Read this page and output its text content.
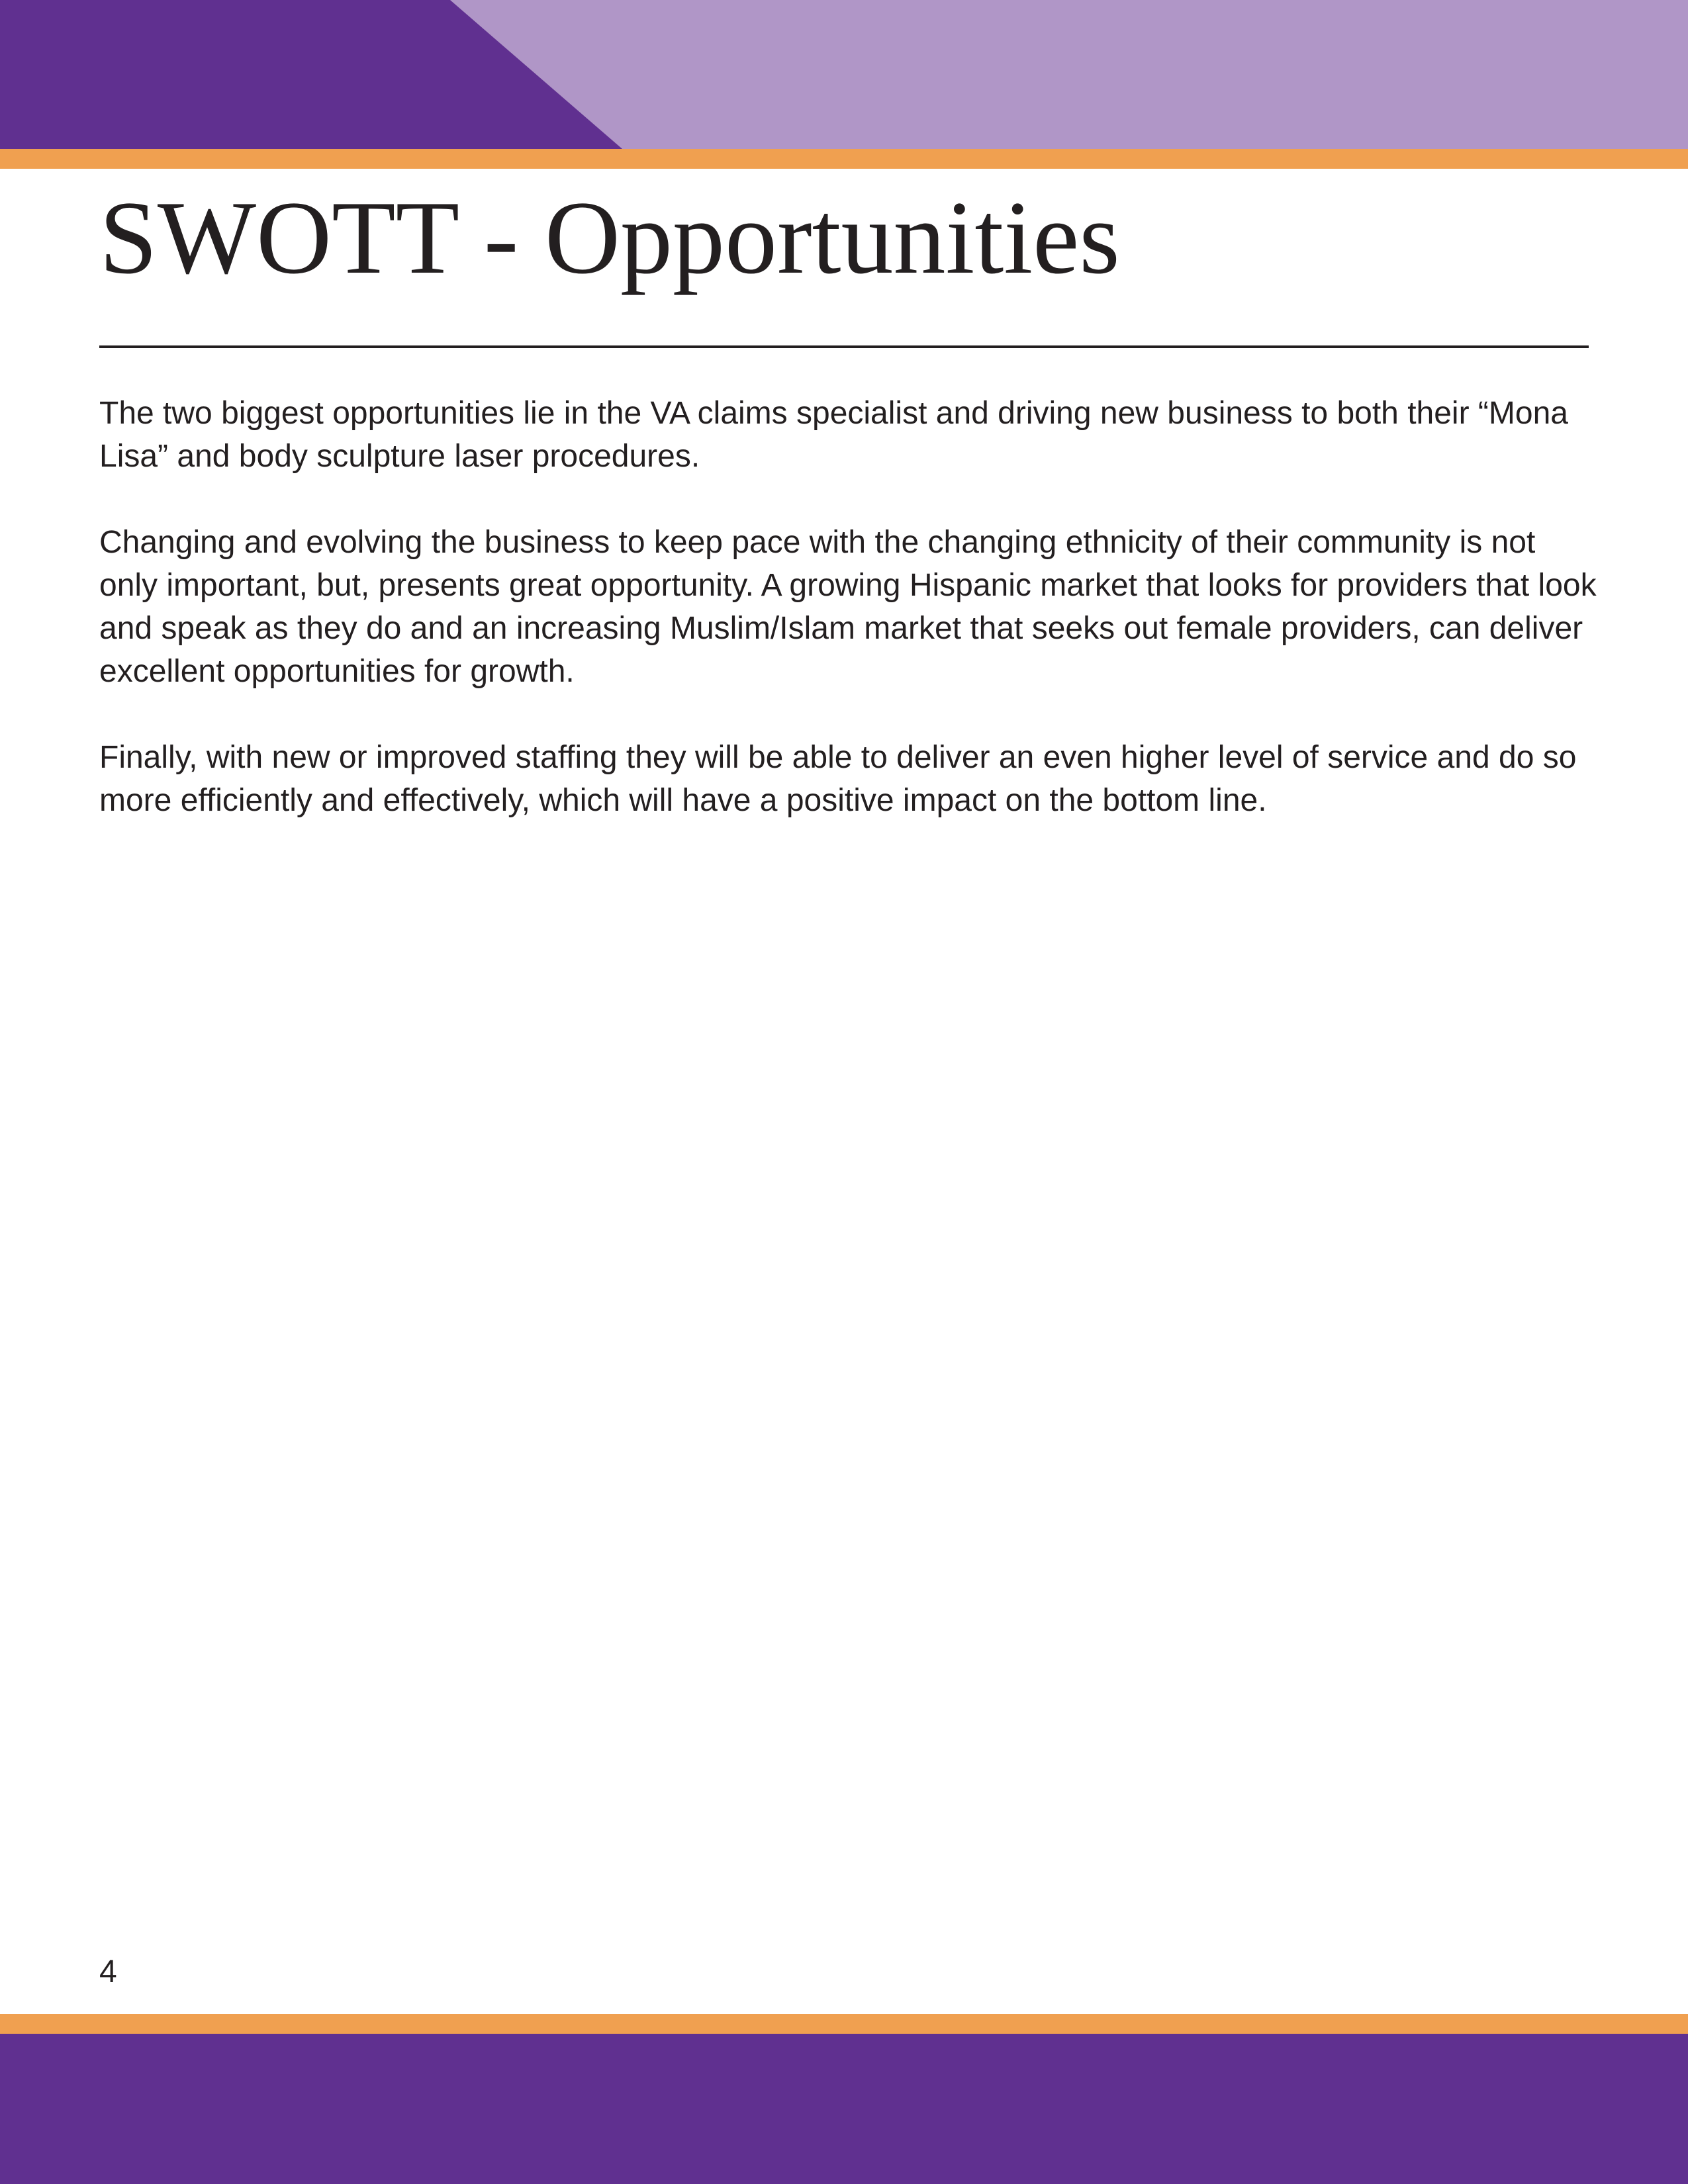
SWOTT - Opportunities

The two biggest opportunities lie in the VA claims specialist and driving new business to both their “Mona Lisa” and body sculpture laser procedures.

Changing and evolving the business to keep pace with the changing ethnicity of their community is not only important, but, presents great opportunity. A growing Hispanic market that looks for providers that look and speak as they do and an increasing Muslim/Islam market that seeks out female providers, can deliver excellent opportunities for growth.

Finally, with new or improved staffing they will be able to deliver an even higher level of service and do so more efficiently and effectively, which will have a positive impact on the bottom line.

4
